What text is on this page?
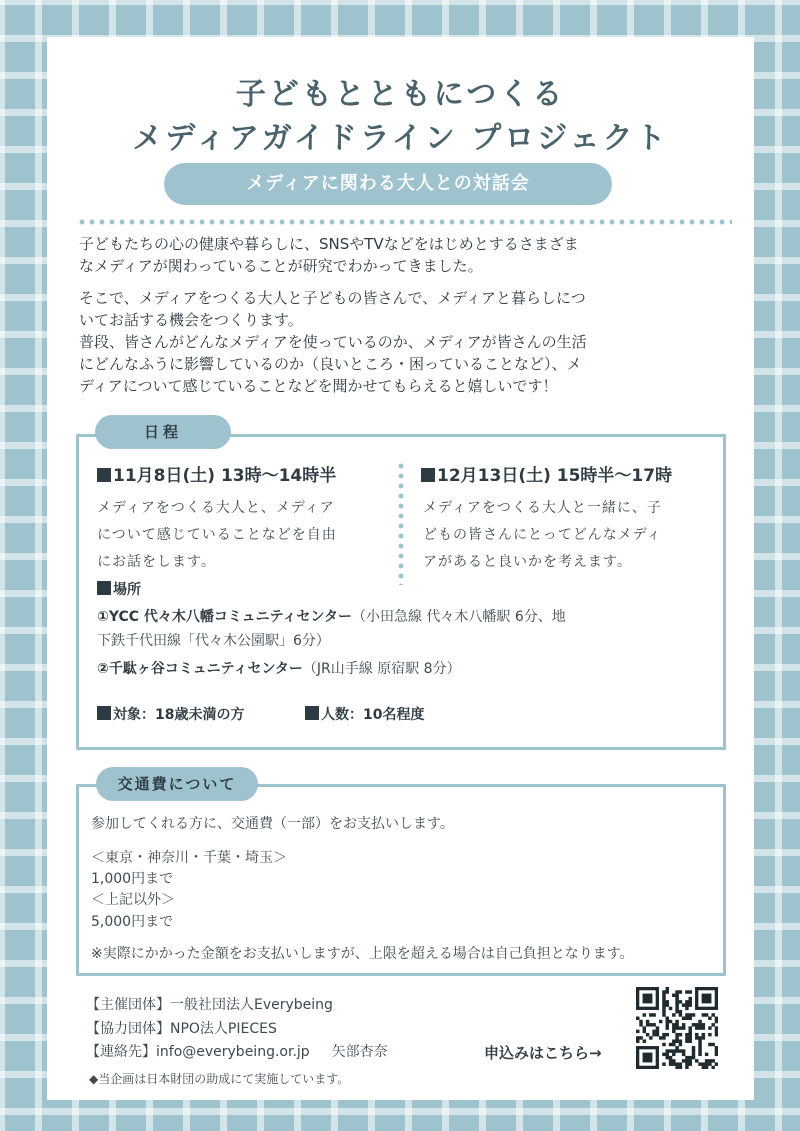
子どもとともにつくる
メディアガイドライン プロジェクト
メディアに関わる大人との対話会
子どもたちの心の健康や暮らしに、SNSやTVなどをはじめとするさまざま
なメディアが関わっていることが研究でわかってきました。
そこで、メディアをつくる大人と子どもの皆さんで、メディアと暮らしにつ
いてお話する機会をつくります。
普段、皆さんがどんなメディアを使っているのか、メディアが皆さんの生活
にどんなふうに影響しているのか（良いところ・困っていることなど）、メ
ディアについて感じていることなどを聞かせてもらえると嬉しいです！
日程
11月8日(土) 13時〜14時半
メディアをつくる大人と、メディア
について感じていることなどを自由
にお話をします。
12月13日(土) 15時半〜17時
メディアをつくる大人と一緒に、子
どもの皆さんにとってどんなメディ
アがあると良いかを考えます。
場所
①YCC 代々木八幡コミュニティセンター（小田急線 代々木八幡駅 6分、地
下鉄千代田線「代々木公園駅」6分）
②千駄ヶ谷コミュニティセンター（JR山手線 原宿駅 8分）
対象：18歳未満の方	人数：10名程度
交通費について
参加してくれる方に、交通費（一部）をお支払いします。
＜東京・神奈川・千葉・埼玉＞
1,000円まで
＜上記以外＞
5,000円まで
※実際にかかった金額をお支払いしますが、上限を超える場合は自己負担となります。
【主催団体】一般社団法人Everybeing
【協力団体】NPO法人PIECES
【連絡先】info@everybeing.or.jp 矢部杏奈	申込みはこちら→
◆当企画は日本財団の助成にて実施しています。
